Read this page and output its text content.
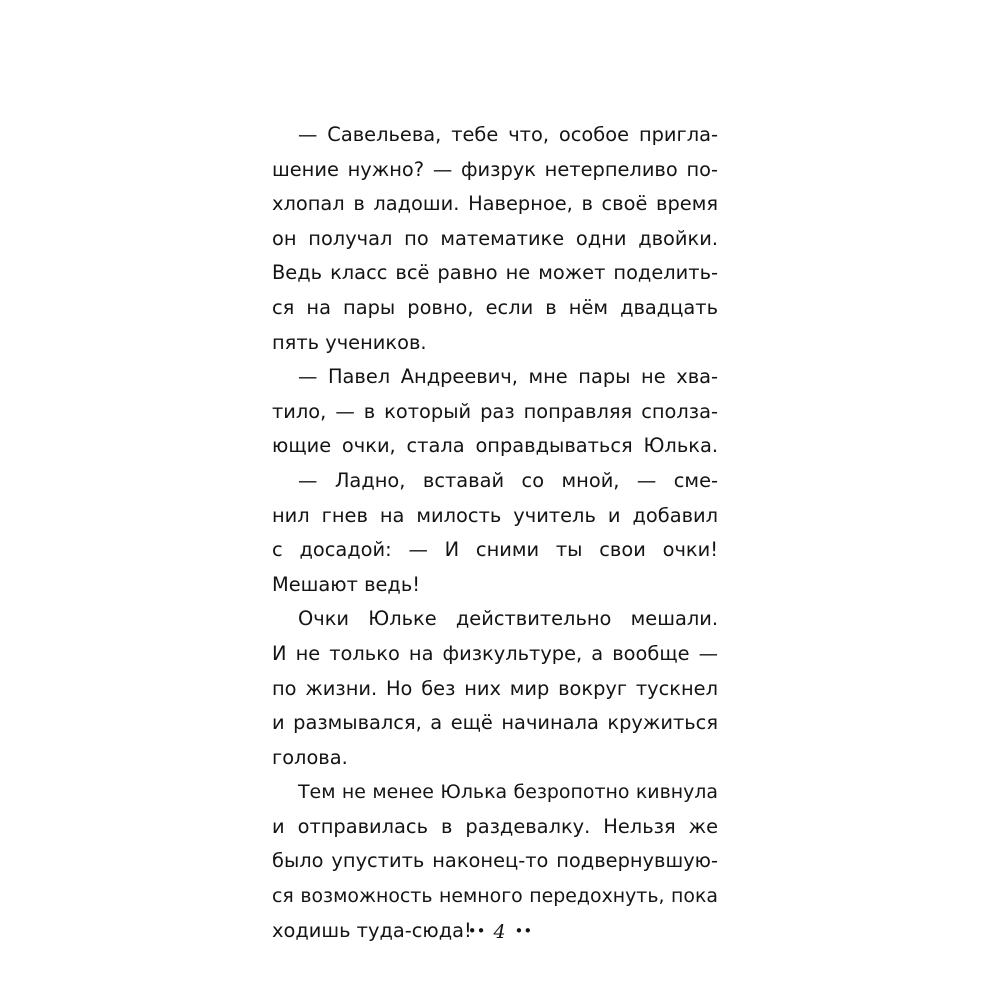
— Савельева, тебе что, особое пригла-
шение нужно? — физрук нетерпеливо по-
хлопал в ладоши. Наверное, в своё время
он получал по математике одни двойки.
Ведь класс всё равно не может поделить-
ся на пары ровно, если в нём двадцать
пять учеников.
— Павел Андреевич, мне пары не хва-
тило, — в который раз поправляя сполза-
ющие очки, стала оправдываться Юлька.
— Ладно, вставай со мной, — сме-
нил гнев на милость учитель и добавил
с досадой: — И сними ты свои очки!
Мешают ведь!
Очки Юльке действительно мешали.
И не только на физкультуре, а вообще —
по жизни. Но без них мир вокруг тускнел
и размывался, а ещё начинала кружиться
голова.
Тем не менее Юлька безропотно кивнула
и отправилась в раздевалку. Нельзя же
было упустить наконец-то подвернувшую-
ся возможность немного передохнуть, пока
ходишь туда-сюда!
•• 4 ••
